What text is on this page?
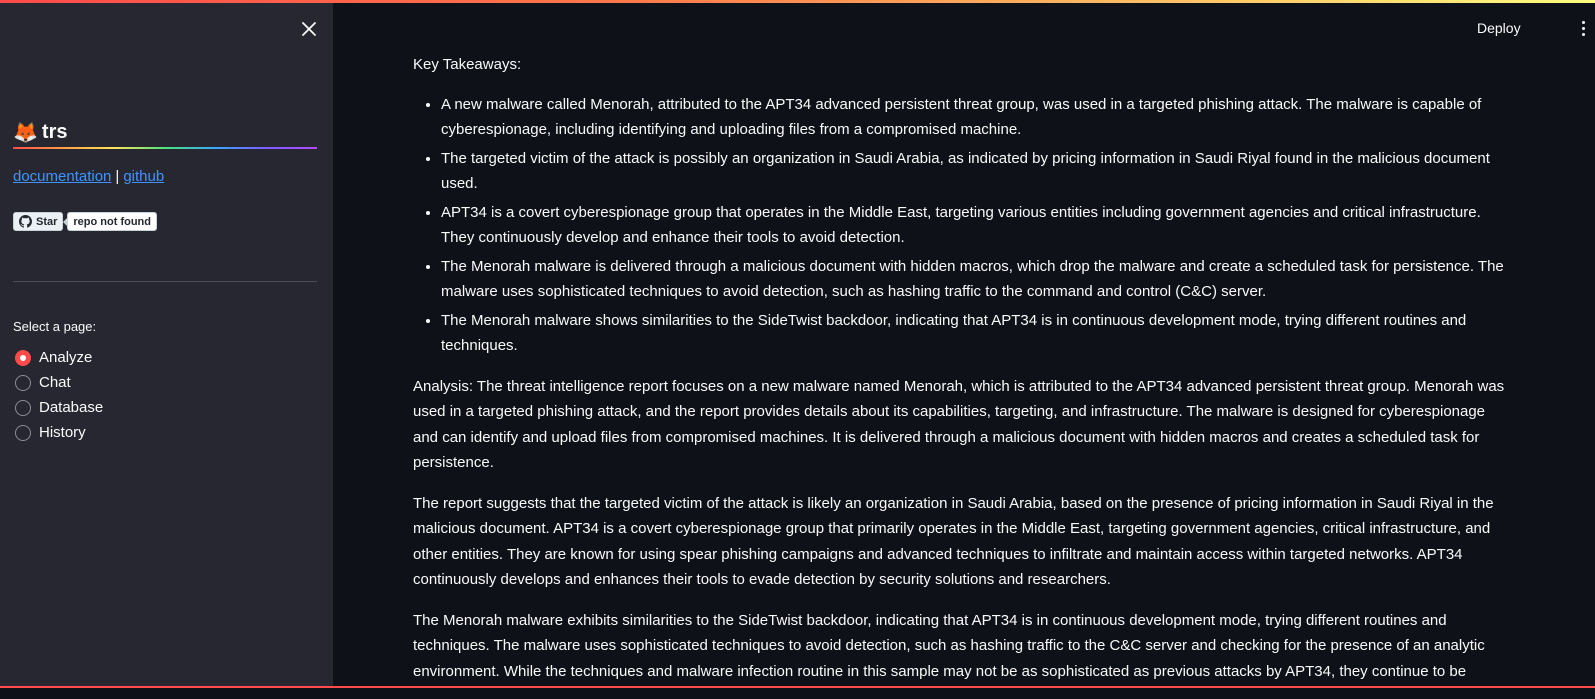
🦊 trs
documentation | github
Star	repo not found
Select a page:
Analyze
Chat
Database
History
Deploy

Key Takeaways:

• A new malware called Menorah, attributed to the APT34 advanced persistent threat group, was used in a targeted phishing attack. The malware is capable of cyberespionage, including identifying and uploading files from a compromised machine.
• The targeted victim of the attack is possibly an organization in Saudi Arabia, as indicated by pricing information in Saudi Riyal found in the malicious document used.
• APT34 is a covert cyberespionage group that operates in the Middle East, targeting various entities including government agencies and critical infrastructure. They continuously develop and enhance their tools to avoid detection.
• The Menorah malware is delivered through a malicious document with hidden macros, which drop the malware and create a scheduled task for persistence. The malware uses sophisticated techniques to avoid detection, such as hashing traffic to the command and control (C&C) server.
• The Menorah malware shows similarities to the SideTwist backdoor, indicating that APT34 is in continuous development mode, trying different routines and techniques.

Analysis: The threat intelligence report focuses on a new malware named Menorah, which is attributed to the APT34 advanced persistent threat group. Menorah was used in a targeted phishing attack, and the report provides details about its capabilities, targeting, and infrastructure. The malware is designed for cyberespionage and can identify and upload files from compromised machines. It is delivered through a malicious document with hidden macros and creates a scheduled task for persistence.

The report suggests that the targeted victim of the attack is likely an organization in Saudi Arabia, based on the presence of pricing information in Saudi Riyal in the malicious document. APT34 is a covert cyberespionage group that primarily operates in the Middle East, targeting government agencies, critical infrastructure, and other entities. They are known for using spear phishing campaigns and advanced techniques to infiltrate and maintain access within targeted networks. APT34 continuously develops and enhances their tools to evade detection by security solutions and researchers.

The Menorah malware exhibits similarities to the SideTwist backdoor, indicating that APT34 is in continuous development mode, trying different routines and techniques. The malware uses sophisticated techniques to avoid detection, such as hashing traffic to the C&C server and checking for the presence of an analytic environment. While the techniques and malware infection routine in this sample may not be as sophisticated as previous attacks by APT34, they continue to be
